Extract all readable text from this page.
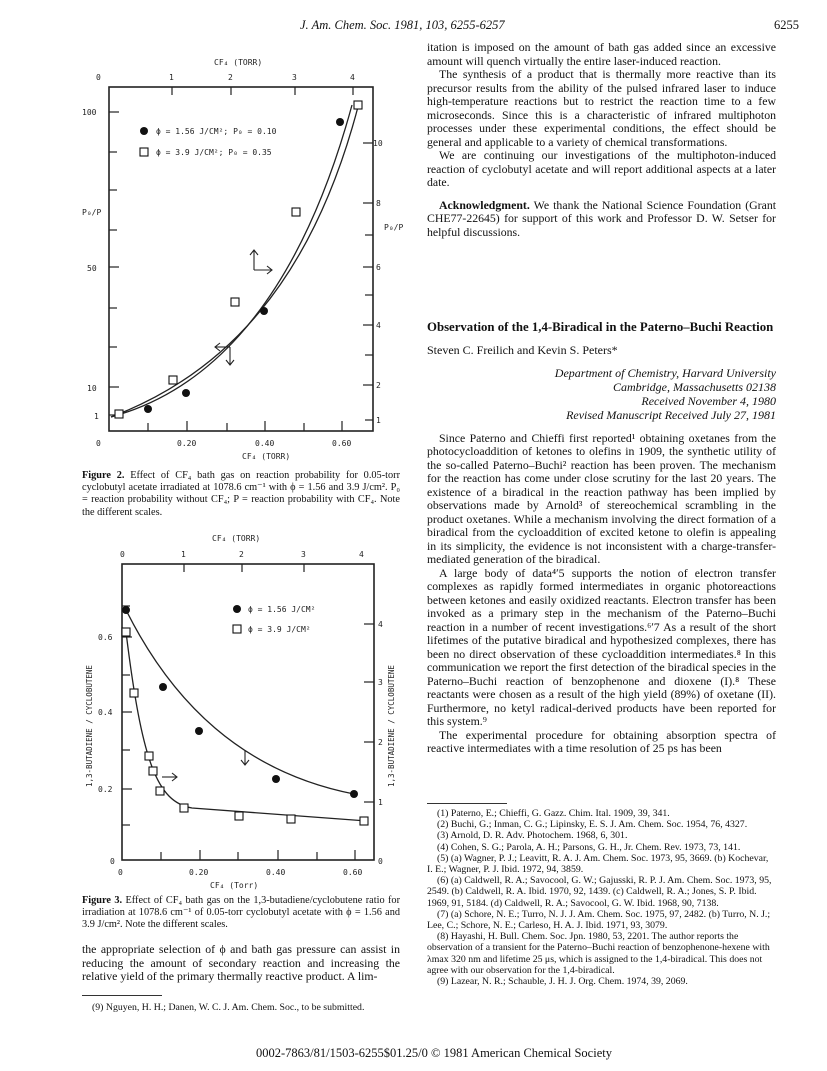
J. Am. Chem. Soc. 1981, 103, 6255-6257	6255
CF₄ (TORR)
0	1	2	3	4
100
50
10
1
10
8
6
4
2
1
P₀/P
P₀/P
0	0.20	0.40	0.60
CF₄ (TORR)
ϕ = 1.56 J/CM²; P₀ = 0.10
ϕ = 3.9 J/CM²; P₀ = 0.35
Figure 2. Effect of CF₄ bath gas on reaction probability for 0.05-torr cyclobutyl acetate irradiated at 1078.6 cm⁻¹ with ϕ = 1.56 and 3.9 J/cm². P₀ = reaction probability without CF₄; P = reaction probability with CF₄. Note the different scales.
CF₄ (TORR)
0	1	2	3	4
0.6
0.4
0.2
0
4
3
2
1
0
1,3-BUTADIENE / CYCLOBUTENE	1,3-BUTADIENE / CYCLOBUTENE
0	0.20	0.40	0.60
CF₄ (Torr)
ϕ = 1.56 J/CM²
ϕ = 3.9 J/CM²
Figure 3. Effect of CF₄ bath gas on the 1,3-butadiene/cyclobutene ratio for irradiation at 1078.6 cm⁻¹ of 0.05-torr cyclobutyl acetate with ϕ = 1.56 and 3.9 J/cm². Note the different scales.
the appropriate selection of ϕ and bath gas pressure can assist in reducing the amount of secondary reaction and increasing the relative yield of the primary thermally reactive product. A lim-

(9) Nguyen, H. H.; Danen, W. C. J. Am. Chem. Soc., to be submitted.

itation is imposed on the amount of bath gas added since an excessive amount will quench virtually the entire laser-induced reaction.

The synthesis of a product that is thermally more reactive than its precursor results from the ability of the pulsed infrared laser to induce high-temperature reactions but to restrict the reaction time to a few microseconds. Since this is a characteristic of infrared multiphoton processes under these experimental conditions, the effect should be general and applicable to a variety of chemical transformations.

We are continuing our investigations of the multiphoton-induced reaction of cyclobutyl acetate and will report additional aspects at a later date.

Acknowledgment. We thank the National Science Foundation (Grant CHE77-22645) for support of this work and Professor D. W. Setser for helpful discussions.

Observation of the 1,4-Biradical in the Paterno–Buchi Reaction

Steven C. Freilich and Kevin S. Peters*

Department of Chemistry, Harvard University
Cambridge, Massachusetts 02138
Received November 4, 1980
Revised Manuscript Received July 27, 1981

Since Paterno and Chieffi first reported¹ obtaining oxetanes from the photocycloaddition of ketones to olefins in 1909, the synthetic utility of the so-called Paterno–Buchi² reaction has been proven. The mechanism for the reaction has come under close scrutiny for the last 20 years. The existence of a biradical in the reaction pathway has been implied by observations made by Arnold³ of stereochemical scrambling in the product oxetanes. While a mechanism involving the direct formation of a biradical from the cycloaddition of excited ketone to olefin is appealing in its simplicity, the evidence is not inconsistent with a charge-transfer-mediated generation of the biradical.

A large body of data⁴ʹ5 supports the notion of electron transfer complexes as rapidly formed intermediates in organic photoreactions between ketones and easily oxidized reactants. Electron transfer has been invoked as a primary step in the mechanism of the Paterno–Buchi reaction in a number of recent investigations.⁶ʹ7 As a result of the short lifetimes of the putative biradical and hypothesized complexes, there has been no direct observation of these cycloaddition intermediates.⁸ In this communication we report the first detection of the biradical species in the Paterno–Buchi reaction of benzophenone and dioxene (I).⁸ These reactants were chosen as a result of the high yield (89%) of oxetane (II). Furthermore, no ketyl radical-derived products have been reported for this system.⁹

The experimental procedure for obtaining absorption spectra of reactive intermediates with a time resolution of 25 ps has been

(1) Paterno, E.; Chieffi, G. Gazz. Chim. Ital. 1909, 39, 341.

(2) Buchi, G.; Inman, C. G.; Lipinsky, E. S. J. Am. Chem. Soc. 1954, 76, 4327.

(3) Arnold, D. R. Adv. Photochem. 1968, 6, 301.

(4) Cohen, S. G.; Parola, A. H.; Parsons, G. H., Jr. Chem. Rev. 1973, 73, 141.

(5) (a) Wagner, P. J.; Leavitt, R. A. J. Am. Chem. Soc. 1973, 95, 3669. (b) Kochevar, I. E.; Wagner, P. J. Ibid. 1972, 94, 3859.

(6) (a) Caldwell, R. A.; Savocool, G. W.; Gajusski, R. P. J. Am. Chem. Soc. 1973, 95, 2549. (b) Caldwell, R. A. Ibid. 1970, 92, 1439. (c) Caldwell, R. A.; Jones, S. P. Ibid. 1969, 91, 5184. (d) Caldwell, R. A.; Savocool, G. W. Ibid. 1968, 90, 7138.

(7) (a) Schore, N. E.; Turro, N. J. J. Am. Chem. Soc. 1975, 97, 2482. (b) Turro, N. J.; Lee, C.; Schore, N. E.; Carleso, H. A. J. Ibid. 1971, 93, 3079.

(8) Hayashi, H. Bull. Chem. Soc. Jpn. 1980, 53, 2201. The author reports the observation of a transient for the Paterno–Buchi reaction of benzophenone-hexene with λmax 320 nm and lifetime 25 μs, which is assigned to the 1,4-biradical. This does not agree with our observation for the 1,4-biradical.

(9) Lazear, N. R.; Schauble, J. H. J. Org. Chem. 1974, 39, 2069.

0002-7863/81/1503-6255$01.25/0 © 1981 American Chemical Society
